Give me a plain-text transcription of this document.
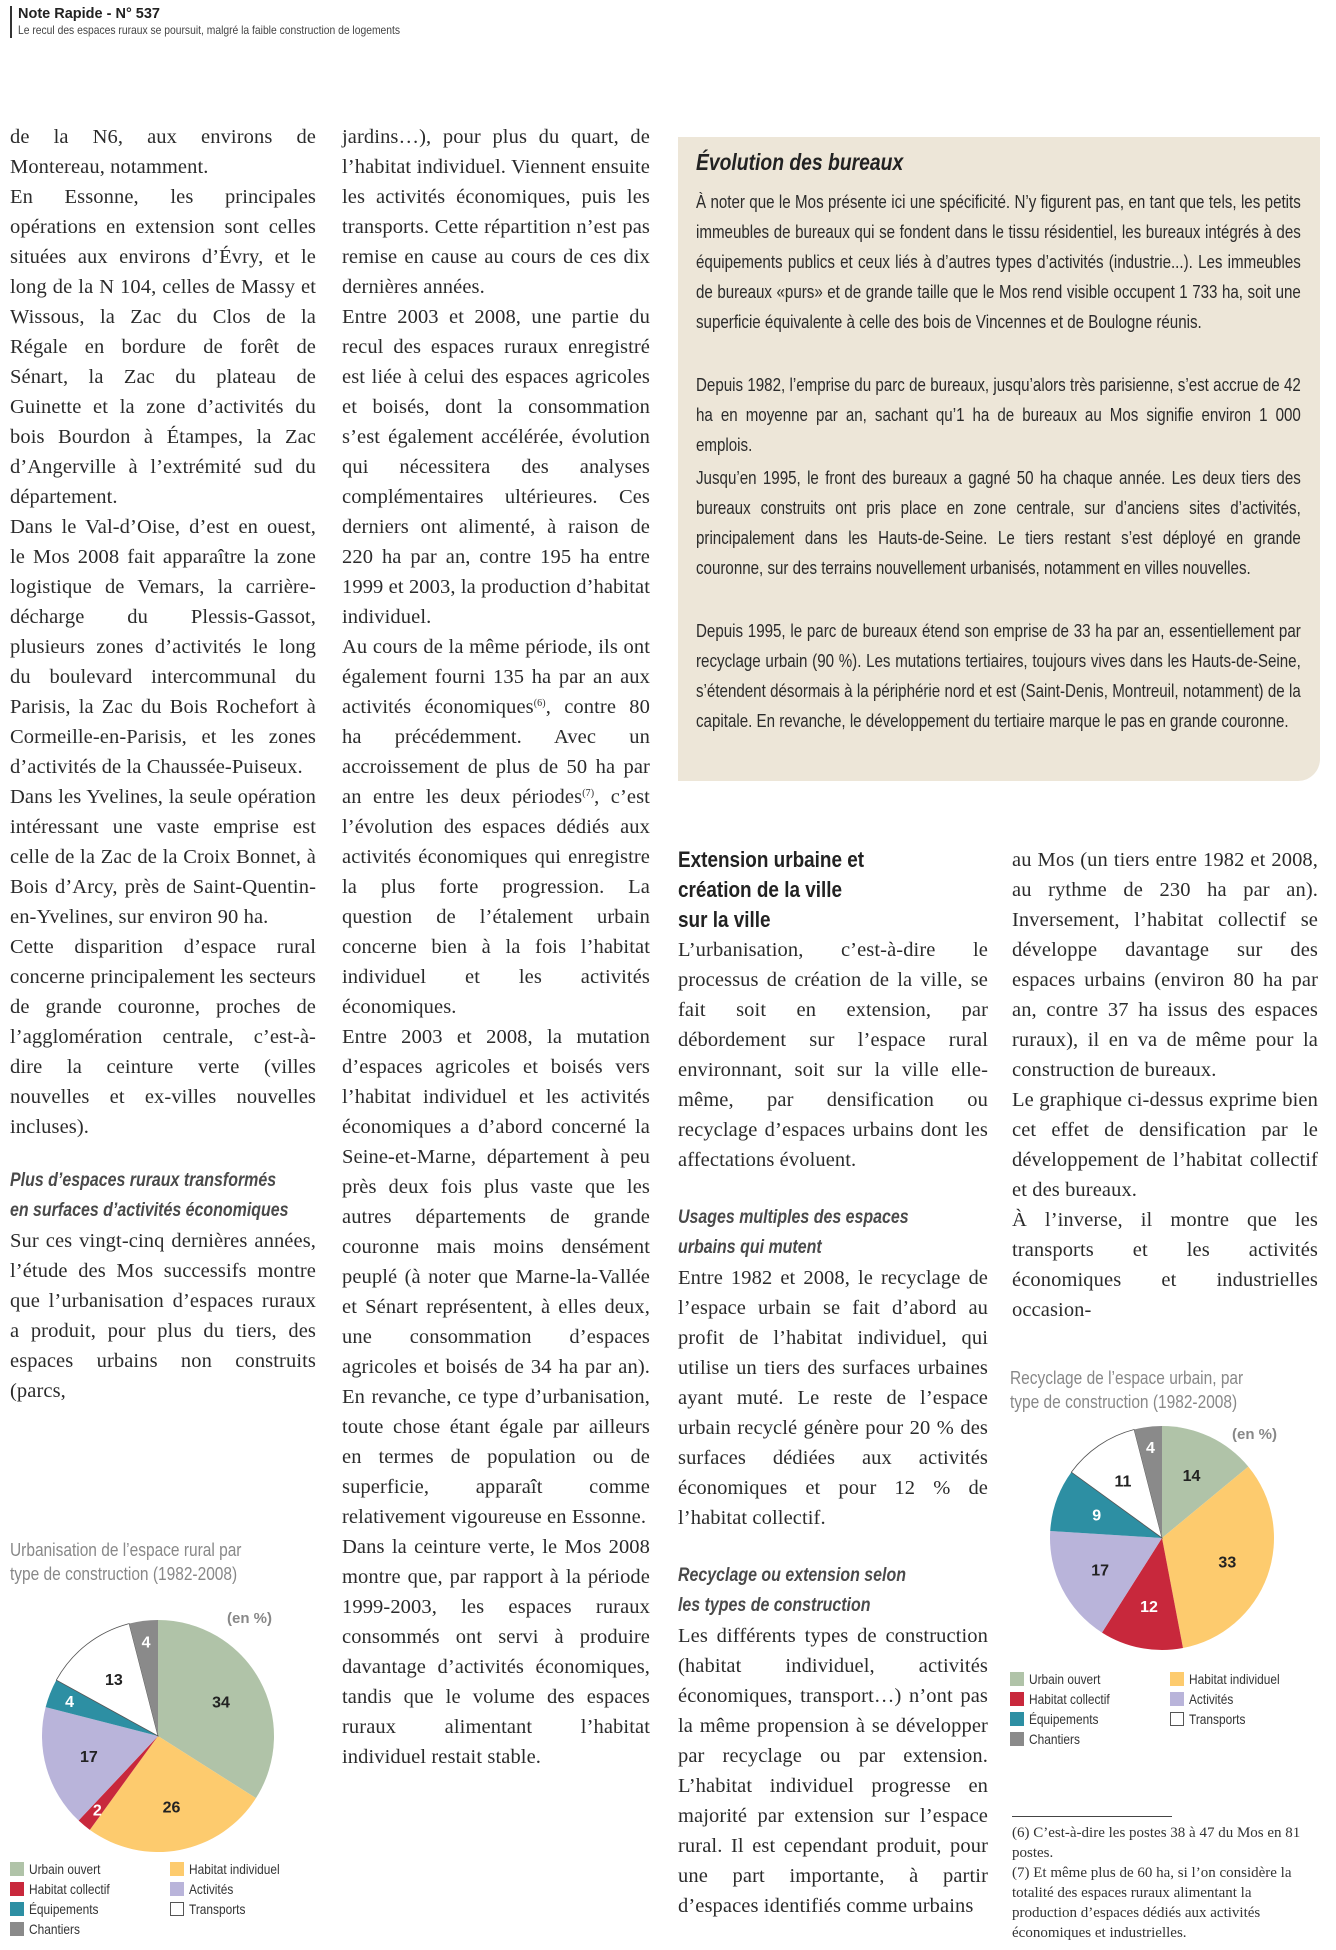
Note Rapide - N° 537
Le recul des espaces ruraux se poursuit, malgré la faible construction de logements

de la N6, aux environs de Montereau, notamment.

En Essonne, les principales opérations en extension sont celles situées aux environs d’Évry, et le long de la N 104, celles de Massy et Wissous, la Zac du Clos de la Régale en bordure de forêt de Sénart, la Zac du plateau de Guinette et la zone d’activités du bois Bourdon à Étampes, la Zac d’Angerville à l’extrémité sud du département.

Dans le Val-d’Oise, d’est en ouest, le Mos 2008 fait apparaître la zone logistique de Vemars, la carrière-décharge du Plessis-Gassot, plusieurs zones d’activités le long du boulevard intercommunal du Parisis, la Zac du Bois Rochefort à Cormeille-en-Parisis, et les zones d’activités de la Chaussée-Puiseux.

Dans les Yvelines, la seule opération intéressant une vaste emprise est celle de la Zac de la Croix Bonnet, à Bois d’Arcy, près de Saint-Quentin-en-Yvelines, sur environ 90 ha.

Cette disparition d’espace rural concerne principalement les secteurs de grande couronne, proches de l’agglomération centrale, c’est-à-dire la ceinture verte (villes nouvelles et ex-villes nouvelles incluses).

Plus d’espaces ruraux transformés
en surfaces d’activités économiques

Sur ces vingt-cinq dernières années, l’étude des Mos successifs montre que l’urbanisation d’espaces ruraux a produit, pour plus du tiers, des espaces urbains non construits (parcs,

Urbanisation de l’espace rural par
type de construction (1982-2008)
(en %)
34
26
2
17
4
13
4
Urbain ouvert	Habitat individuel
Habitat collectif	Activités
Équipements	Transports
Chantiers

jardins…), pour plus du quart, de l’habitat individuel. Viennent ensuite les activités économiques, puis les transports. Cette répartition n’est pas remise en cause au cours de ces dix dernières années.

Entre 2003 et 2008, une partie du recul des espaces ruraux enregistré est liée à celui des espaces agricoles et boisés, dont la consommation s’est également accélérée, évolution qui nécessitera des analyses complémentaires ultérieures. Ces derniers ont alimenté, à raison de 220 ha par an, contre 195 ha entre 1999 et 2003, la production d’habitat individuel.

Au cours de la même période, ils ont également fourni 135 ha par an aux activités économiques$^{(6)}$, contre 80 ha précédemment. Avec un accroissement de plus de 50 ha par an entre les deux périodes$^{(7)}$, c’est l’évolution des espaces dédiés aux activités économiques qui enregistre la plus forte progression. La question de l’étalement urbain concerne bien à la fois l’habitat individuel et les activités économiques.

Entre 2003 et 2008, la mutation d’espaces agricoles et boisés vers l’habitat individuel et les activités économiques a d’abord concerné la Seine-et-Marne, département à peu près deux fois plus vaste que les autres départements de grande couronne mais moins densément peuplé (à noter que Marne-la-Vallée et Sénart représentent, à elles deux, une consommation d’espaces agricoles et boisés de 34 ha par an). En revanche, ce type d’urbanisation, toute chose étant égale par ailleurs en termes de population ou de superficie, apparaît comme relativement vigoureuse en Essonne.

Dans la ceinture verte, le Mos 2008 montre que, par rapport à la période 1999-2003, les espaces ruraux consommés ont servi à produire davantage d’activités économiques, tandis que le volume des espaces ruraux alimentant l’habitat individuel restait stable.

Évolution des bureaux

À noter que le Mos présente ici une spécificité. N’y figurent pas, en tant que tels, les petits immeubles de bureaux qui se fondent dans le tissu résidentiel, les bureaux intégrés à des équipements publics et ceux liés à d’autres types d’activités (industrie...). Les immeubles de bureaux «purs» et de grande taille que le Mos rend visible occupent 1 733 ha, soit une superficie équivalente à celle des bois de Vincennes et de Boulogne réunis.

Depuis 1982, l’emprise du parc de bureaux, jusqu’alors très parisienne, s’est accrue de 42 ha en moyenne par an, sachant qu’1 ha de bureaux au Mos signifie environ 1 000 emplois.

Jusqu’en 1995, le front des bureaux a gagné 50 ha chaque année. Les deux tiers des bureaux construits ont pris place en zone centrale, sur d’anciens sites d’activités, principalement dans les Hauts-de-Seine. Le tiers restant s’est déployé en grande couronne, sur des terrains nouvellement urbanisés, notamment en villes nouvelles.

Depuis 1995, le parc de bureaux étend son emprise de 33 ha par an, essentiellement par recyclage urbain (90 %). Les mutations tertiaires, toujours vives dans les Hauts-de-Seine, s’étendent désormais à la périphérie nord et est (Saint-Denis, Montreuil, notamment) de la capitale. En revanche, le développement du tertiaire marque le pas en grande couronne.

Extension urbaine et
création de la ville
sur la ville

L’urbanisation, c’est-à-dire le processus de création de la ville, se fait soit en extension, par débordement sur l’espace rural environnant, soit sur la ville elle-même, par densification ou recyclage d’espaces urbains dont les affectations évoluent.

Usages multiples des espaces
urbains qui mutent

Entre 1982 et 2008, le recyclage de l’espace urbain se fait d’abord au profit de l’habitat individuel, qui utilise un tiers des surfaces urbaines ayant muté. Le reste de l’espace urbain recyclé génère pour 20 % des surfaces dédiées aux activités économiques et pour 12 % de l’habitat collectif.

Recyclage ou extension selon
les types de construction

Les différents types de construction (habitat individuel, activités économiques, transport…) n’ont pas la même propension à se développer par recyclage ou par extension. L’habitat individuel progresse en majorité par extension sur l’espace rural. Il est cependant produit, pour une part importante, à partir d’espaces identifiés comme urbains

au Mos (un tiers entre 1982 et 2008, au rythme de 230 ha par an). Inversement, l’habitat collectif se développe davantage sur des espaces urbains (environ 80 ha par an, contre 37 ha issus des espaces ruraux), il en va de même pour la construction de bureaux.

Le graphique ci-dessus exprime bien cet effet de densification par le développement de l’habitat collectif et des bureaux.

À l’inverse, il montre que les transports et les activités économiques et industrielles occasion-

Recyclage de l’espace urbain, par
type de construction (1982-2008)
(en %)
14
33
12
17
9
11
4
Urbain ouvert	Habitat individuel
Habitat collectif	Activités
Équipements	Transports
Chantiers
(6) C’est-à-dire les postes 38 à 47 du Mos en 81 postes.
(7) Et même plus de 60 ha, si l’on considère la totalité des espaces ruraux alimentant la production d’espaces dédiés aux activités économiques et industrielles.
